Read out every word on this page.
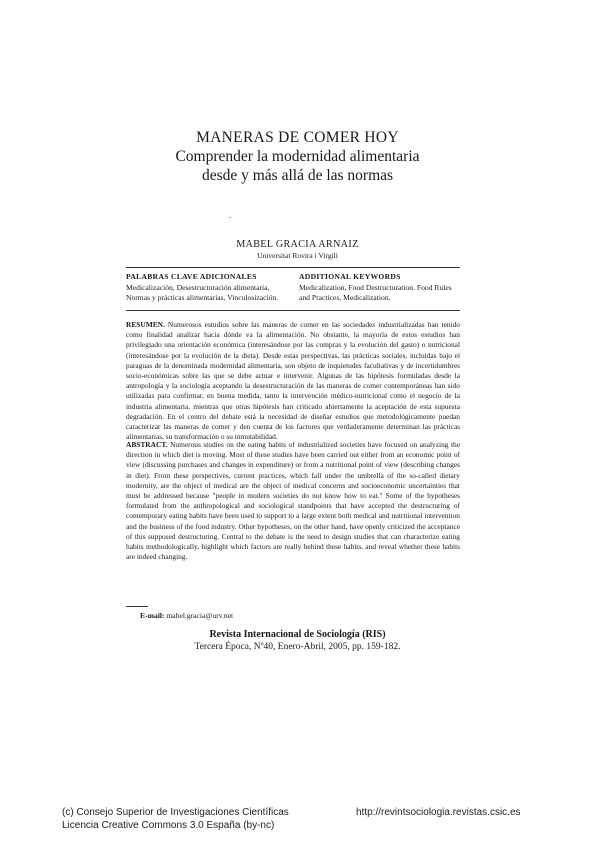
MANERAS DE COMER HOY
Comprender la modernidad alimentaria
desde y más allá de las normas
.
MABEL GRACIA ARNAIZ
Universitat Rovira i Virgili
PALABRAS CLAVE ADICIONALES
Medicalización, Desestructuración alimentaria, Normas y prácticas alimentarias, Vinculosización.
ADDITIONAL KEYWORDS
Medicalization, Food Destructuration. Food Rules and Practices, Medicalization.
RESUMEN. Numerosos estudios sobre las maneras de comer en las sociedades industrializadas han tenido como finalidad analizar hacia dónde va la alimentación. No obstante, la mayoría de estos estudios han privilegiado una orientación económica (interesándose por las compras y la evolución del gasto) o nutricional (interesándose por la evolución de la dieta). Desde estas perspectivas, las prácticas sociales, incluidas bajo el paraguas de la denominada modernidad alimentaria, son objeto de inquietudes facultativas y de incertidumbres socio-económicas sobre las que se debe actuar e intervenir. Algunas de las hipótesis formuladas desde la antropología y la sociología aceptando la desestructuración de las maneras de comer contemporáneas han sido utilizadas para confirmar, en buena medida, tanto la intervención médico-nutricional como el negocio de la industria alimentaria, mientras que otras hipótesis han criticado abiertamente la aceptación de esta supuesta degradación. En el centro del debate está la necesidad de diseñar estudios que metodológicamente puedan caracterizar las maneras de comer y den cuenta de los factores que verdaderamente determinan las prácticas alimentarias, su transformación o su inmutabilidad.
ABSTRACT. Numerous studies on the eating habits of industrialized societies have focused on analyzing the direction in which diet is moving. Most of these studies have been carried out either from an economic point of view (discussing purchases and changes in expenditure) or from a nutritional point of view (describing changes in diet). From these perspectives, current practices, which fall under the umbrella of the so-called dietary modernity, are the object of medical are the object of medical concerns and socioeconomic uncertainties that must be addressed because "people in modern societies do not know how to eat." Some of the hypotheses formulated from the anthropological and sociological standpoints that have accepted the destructuring of contemporary eating habits have been used to support to a large extent both medical and nutritional intervention and the business of the food industry. Other hypotheses, on the other hand, have openly criticized the acceptance of this supposed destructuring. Central to the debate is the need to design studies that can characterize eating habits methodologically, highlight which factors are really behind these habits, and reveal whether these habits are indeed changing.
E-mail: mabel.gracia@urv.net
Revista Internacional de Sociología (RIS)
Tercera Época, Nº40, Enero-Abril, 2005, pp. 159-182.
(c) Consejo Superior de Investigaciones Científicas
Licencia Creative Commons 3.0 España (by-nc)
http://revintsociologia.revistas.csic.es
